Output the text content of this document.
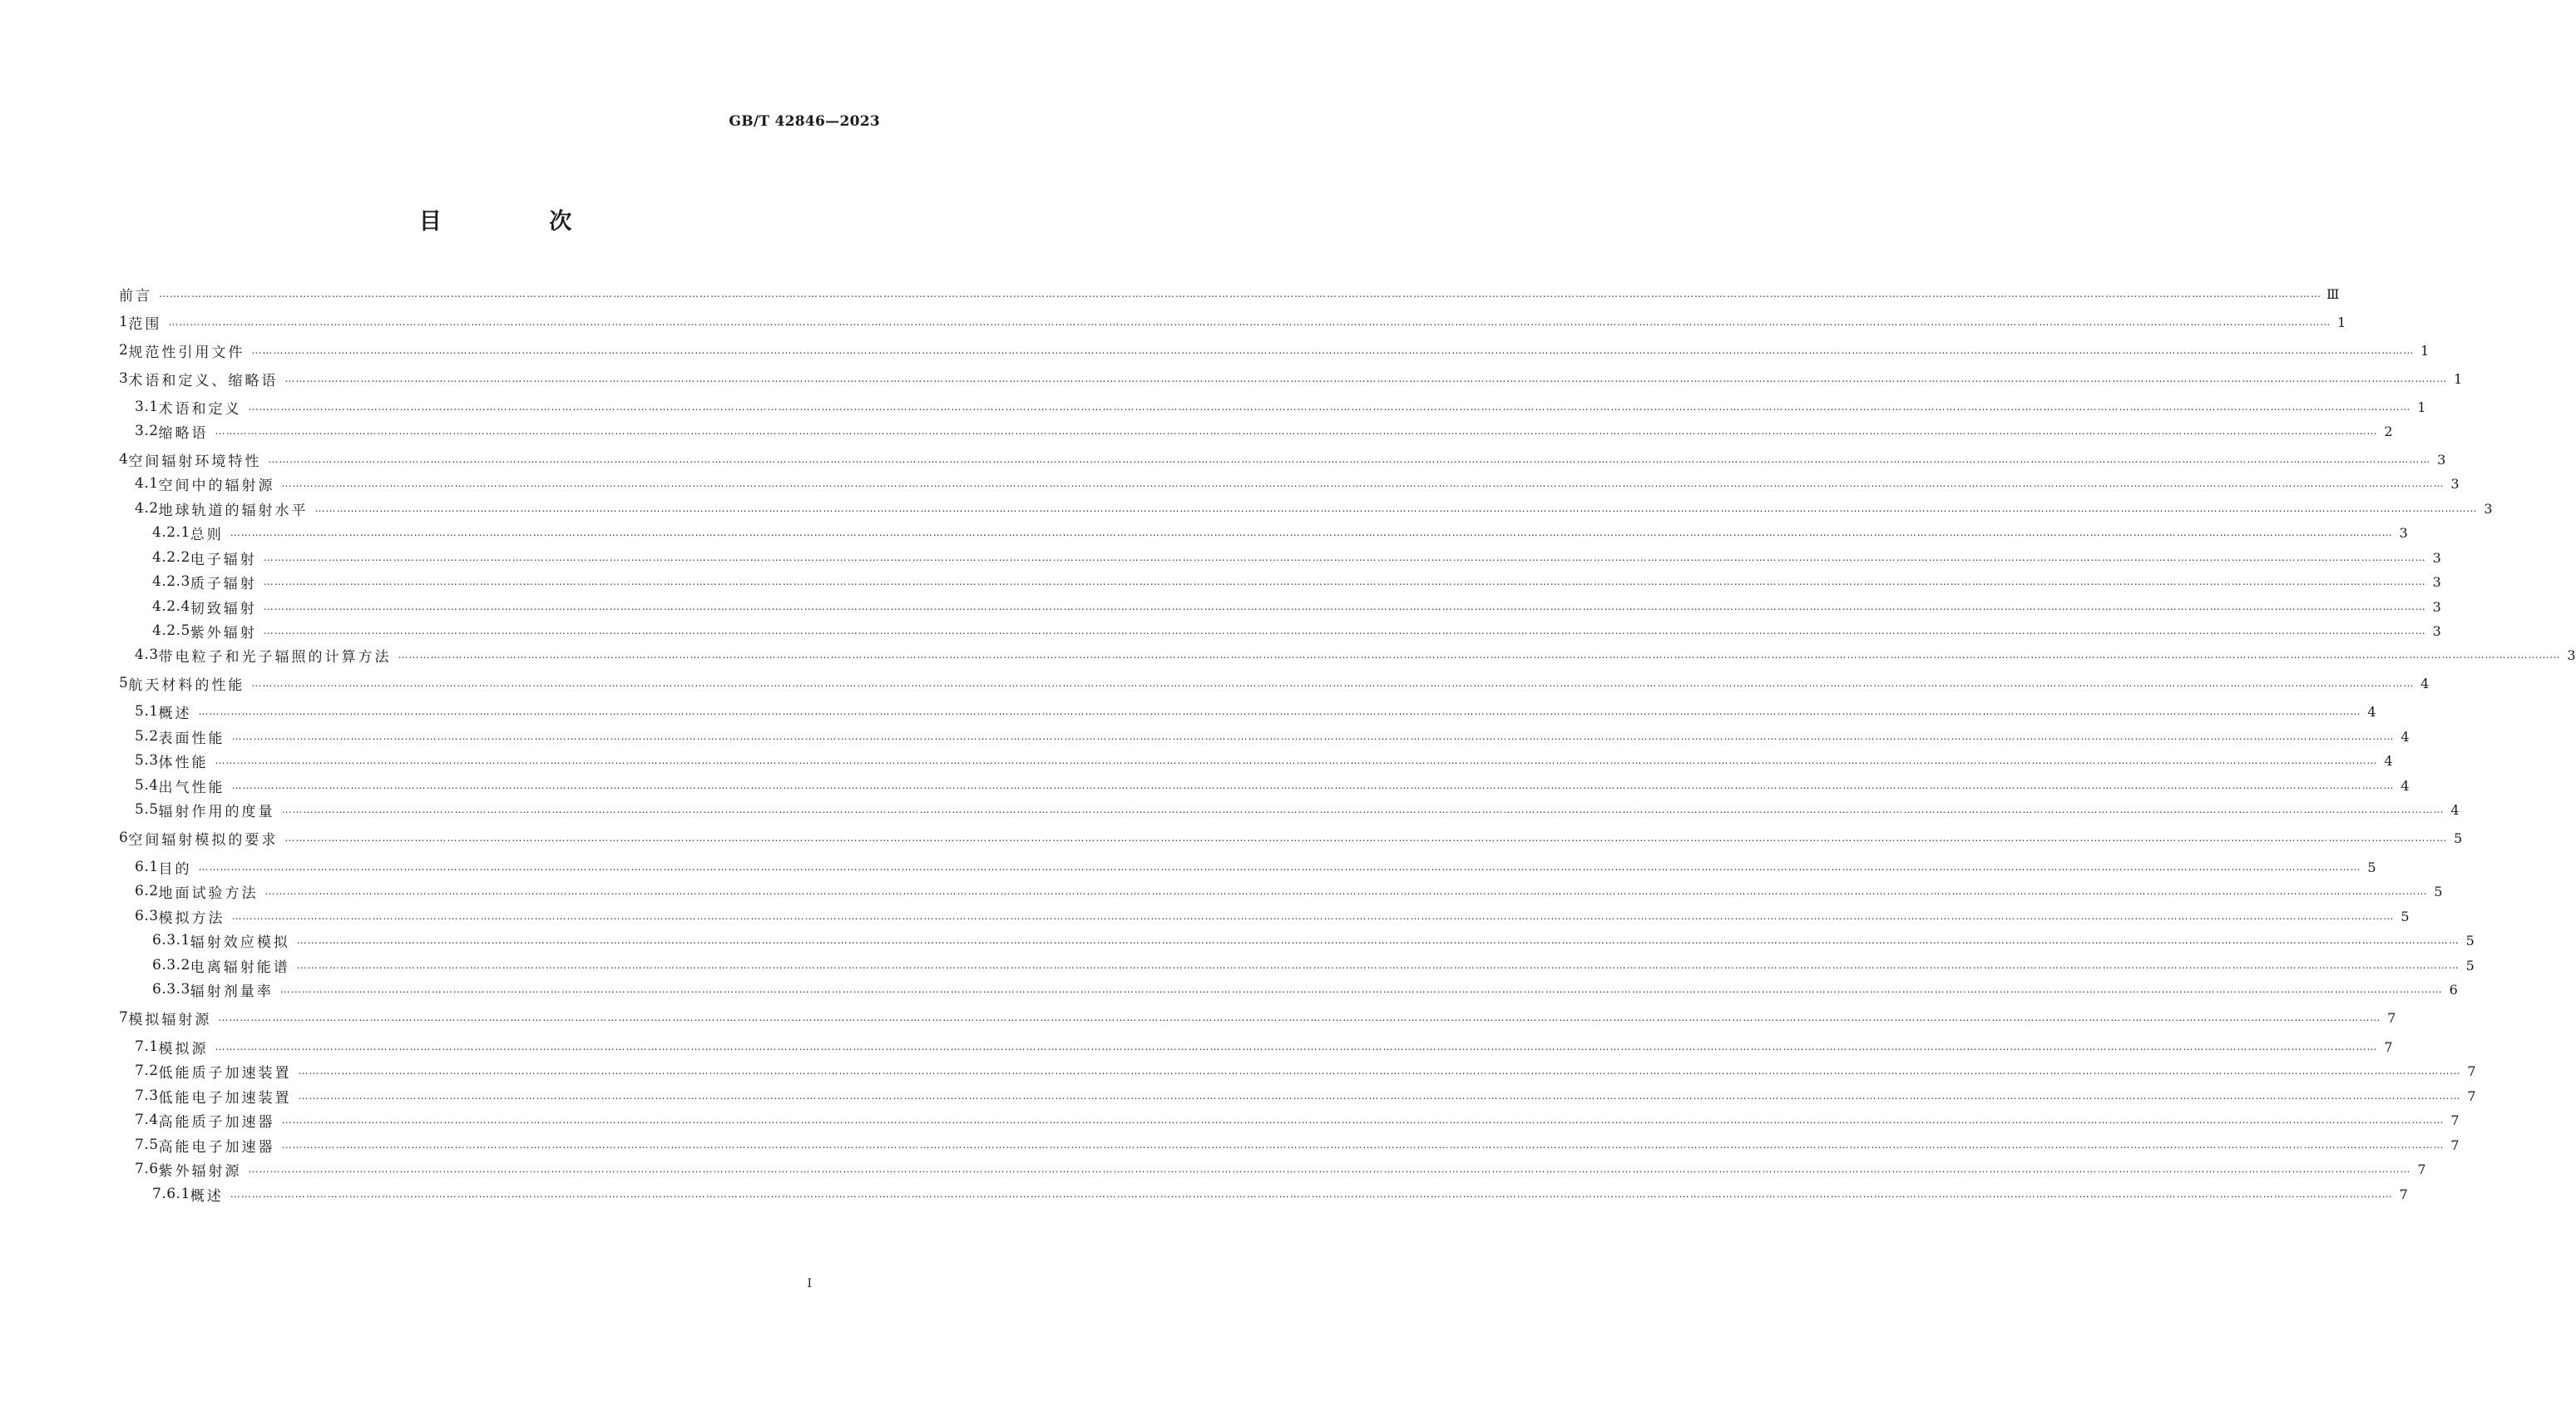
GB/T 42846—2023
目 次
前言 …………………………………………………………………………………………………………………………………………………………………………………………………………………………………………………………………………………………………………………………………………………………………………………………………………………………………………………………………………………………………………………………………………………… Ⅲ
1 范围 …………………………………………………………………………………………………………………………………………………………………………………………………………………………………………………………………………………………………………………………………………………………………………………………………………………………………………………………………………………………………………………………………………………… 1
2 规范性引用文件 …………………………………………………………………………………………………………………………………………………………………………………………………………………………………………………………………………………………………………………………………………………………………………………………………………………………………………………………………………………………………………………………………………………… 1
3 术语和定义、缩略语 …………………………………………………………………………………………………………………………………………………………………………………………………………………………………………………………………………………………………………………………………………………………………………………………………………………………………………………………………………………………………………………………………………………… 1
3.1 术语和定义 …………………………………………………………………………………………………………………………………………………………………………………………………………………………………………………………………………………………………………………………………………………………………………………………………………………………………………………………………………………………………………………………………………………… 1
3.2 缩略语 …………………………………………………………………………………………………………………………………………………………………………………………………………………………………………………………………………………………………………………………………………………………………………………………………………………………………………………………………………………………………………………………………………………… 2
4 空间辐射环境特性 …………………………………………………………………………………………………………………………………………………………………………………………………………………………………………………………………………………………………………………………………………………………………………………………………………………………………………………………………………………………………………………………………………………… 3
4.1 空间中的辐射源 …………………………………………………………………………………………………………………………………………………………………………………………………………………………………………………………………………………………………………………………………………………………………………………………………………………………………………………………………………………………………………………………………………………… 3
4.2 地球轨道的辐射水平 …………………………………………………………………………………………………………………………………………………………………………………………………………………………………………………………………………………………………………………………………………………………………………………………………………………………………………………………………………………………………………………………………………………… 3
4.2.1 总则 …………………………………………………………………………………………………………………………………………………………………………………………………………………………………………………………………………………………………………………………………………………………………………………………………………………………………………………………………………………………………………………………………………………… 3
4.2.2 电子辐射 …………………………………………………………………………………………………………………………………………………………………………………………………………………………………………………………………………………………………………………………………………………………………………………………………………………………………………………………………………………………………………………………………………………… 3
4.2.3 质子辐射 …………………………………………………………………………………………………………………………………………………………………………………………………………………………………………………………………………………………………………………………………………………………………………………………………………………………………………………………………………………………………………………………………………………… 3
4.2.4 韧致辐射 …………………………………………………………………………………………………………………………………………………………………………………………………………………………………………………………………………………………………………………………………………………………………………………………………………………………………………………………………………………………………………………………………………………… 3
4.2.5 紫外辐射 …………………………………………………………………………………………………………………………………………………………………………………………………………………………………………………………………………………………………………………………………………………………………………………………………………………………………………………………………………………………………………………………………………………… 3
4.3 带电粒子和光子辐照的计算方法 …………………………………………………………………………………………………………………………………………………………………………………………………………………………………………………………………………………………………………………………………………………………………………………………………………………………………………………………………………………………………………………………………………………… 3
5 航天材料的性能 …………………………………………………………………………………………………………………………………………………………………………………………………………………………………………………………………………………………………………………………………………………………………………………………………………………………………………………………………………………………………………………………………………………… 4
5.1 概述 …………………………………………………………………………………………………………………………………………………………………………………………………………………………………………………………………………………………………………………………………………………………………………………………………………………………………………………………………………………………………………………………………………………… 4
5.2 表面性能 …………………………………………………………………………………………………………………………………………………………………………………………………………………………………………………………………………………………………………………………………………………………………………………………………………………………………………………………………………………………………………………………………………………… 4
5.3 体性能 …………………………………………………………………………………………………………………………………………………………………………………………………………………………………………………………………………………………………………………………………………………………………………………………………………………………………………………………………………………………………………………………………………………… 4
5.4 出气性能 …………………………………………………………………………………………………………………………………………………………………………………………………………………………………………………………………………………………………………………………………………………………………………………………………………………………………………………………………………………………………………………………………………………… 4
5.5 辐射作用的度量 …………………………………………………………………………………………………………………………………………………………………………………………………………………………………………………………………………………………………………………………………………………………………………………………………………………………………………………………………………………………………………………………………………………… 4
6 空间辐射模拟的要求 …………………………………………………………………………………………………………………………………………………………………………………………………………………………………………………………………………………………………………………………………………………………………………………………………………………………………………………………………………………………………………………………………………………… 5
6.1 目的 …………………………………………………………………………………………………………………………………………………………………………………………………………………………………………………………………………………………………………………………………………………………………………………………………………………………………………………………………………………………………………………………………………………… 5
6.2 地面试验方法 …………………………………………………………………………………………………………………………………………………………………………………………………………………………………………………………………………………………………………………………………………………………………………………………………………………………………………………………………………………………………………………………………………………… 5
6.3 模拟方法 …………………………………………………………………………………………………………………………………………………………………………………………………………………………………………………………………………………………………………………………………………………………………………………………………………………………………………………………………………………………………………………………………………………… 5
6.3.1 辐射效应模拟 …………………………………………………………………………………………………………………………………………………………………………………………………………………………………………………………………………………………………………………………………………………………………………………………………………………………………………………………………………………………………………………………………………………… 5
6.3.2 电离辐射能谱 …………………………………………………………………………………………………………………………………………………………………………………………………………………………………………………………………………………………………………………………………………………………………………………………………………………………………………………………………………………………………………………………………………………… 5
6.3.3 辐射剂量率 …………………………………………………………………………………………………………………………………………………………………………………………………………………………………………………………………………………………………………………………………………………………………………………………………………………………………………………………………………………………………………………………………………………… 6
7 模拟辐射源 …………………………………………………………………………………………………………………………………………………………………………………………………………………………………………………………………………………………………………………………………………………………………………………………………………………………………………………………………………………………………………………………………………………… 7
7.1 模拟源 …………………………………………………………………………………………………………………………………………………………………………………………………………………………………………………………………………………………………………………………………………………………………………………………………………………………………………………………………………………………………………………………………………………… 7
7.2 低能质子加速装置 …………………………………………………………………………………………………………………………………………………………………………………………………………………………………………………………………………………………………………………………………………………………………………………………………………………………………………………………………………………………………………………………………………………… 7
7.3 低能电子加速装置 …………………………………………………………………………………………………………………………………………………………………………………………………………………………………………………………………………………………………………………………………………………………………………………………………………………………………………………………………………………………………………………………………………………… 7
7.4 高能质子加速器 …………………………………………………………………………………………………………………………………………………………………………………………………………………………………………………………………………………………………………………………………………………………………………………………………………………………………………………………………………………………………………………………………………………… 7
7.5 高能电子加速器 …………………………………………………………………………………………………………………………………………………………………………………………………………………………………………………………………………………………………………………………………………………………………………………………………………………………………………………………………………………………………………………………………………………… 7
7.6 紫外辐射源 …………………………………………………………………………………………………………………………………………………………………………………………………………………………………………………………………………………………………………………………………………………………………………………………………………………………………………………………………………………………………………………………………………………… 7
7.6.1 概述 …………………………………………………………………………………………………………………………………………………………………………………………………………………………………………………………………………………………………………………………………………………………………………………………………………………………………………………………………………………………………………………………………………………… 7
Ⅰ
